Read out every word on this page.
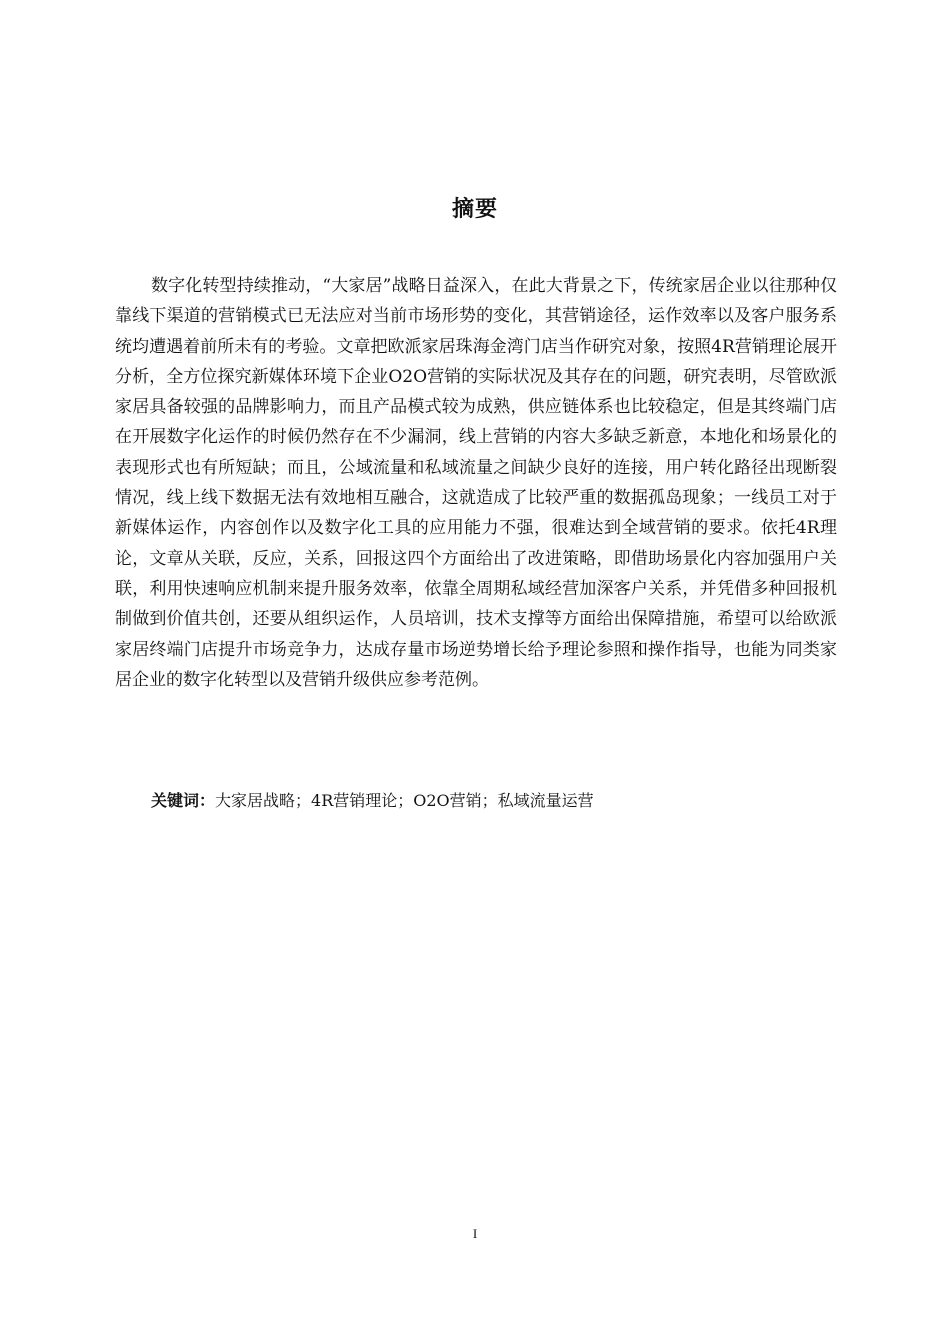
摘要

数字化转型持续推动，“大家居”战略日益深入，在此大背景之下，传统家居企业以往那种仅靠线下渠道的营销模式已无法应对当前市场形势的变化，其营销途径，运作效率以及客户服务系统均遭遇着前所未有的考验。文章把欧派家居珠海金湾门店当作研究对象，按照4R营销理论展开分析，全方位探究新媒体环境下企业O2O营销的实际状况及其存在的问题，研究表明，尽管欧派家居具备较强的品牌影响力，而且产品模式较为成熟，供应链体系也比较稳定，但是其终端门店在开展数字化运作的时候仍然存在不少漏洞，线上营销的内容大多缺乏新意，本地化和场景化的表现形式也有所短缺；而且，公域流量和私域流量之间缺少良好的连接，用户转化路径出现断裂情况，线上线下数据无法有效地相互融合，这就造成了比较严重的数据孤岛现象；一线员工对于新媒体运作，内容创作以及数字化工具的应用能力不强，很难达到全域营销的要求。依托4R理论，文章从关联，反应，关系，回报这四个方面给出了改进策略，即借助场景化内容加强用户关联，利用快速响应机制来提升服务效率，依靠全周期私域经营加深客户关系，并凭借多种回报机制做到价值共创，还要从组织运作，人员培训，技术支撑等方面给出保障措施，希望可以给欧派家居终端门店提升市场竞争力，达成存量市场逆势增长给予理论参照和操作指导，也能为同类家居企业的数字化转型以及营销升级供应参考范例。

关键词：大家居战略；4R营销理论；O2O营销；私域流量运营
I
